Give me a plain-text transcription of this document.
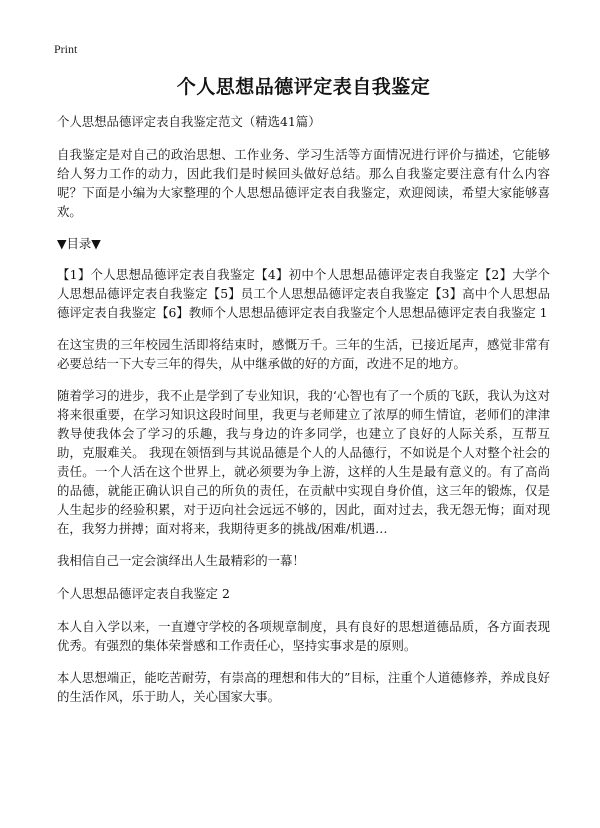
Print
个人思想品德评定表自我鉴定

个人思想品德评定表自我鉴定范文（精选41篇）

自我鉴定是对自己的政治思想、工作业务、学习生活等方面情况进行评价与描述，它能够给人努力工作的动力，因此我们是时候回头做好总结。那么自我鉴定要注意有什么内容呢？下面是小编为大家整理的个人思想品德评定表自我鉴定，欢迎阅读，希望大家能够喜欢。

▼目录▼

【1】个人思想品德评定表自我鉴定【4】初中个人思想品德评定表自我鉴定【2】大学个人思想品德评定表自我鉴定【5】员工个人思想品德评定表自我鉴定【3】高中个人思想品德评定表自我鉴定【6】教师个人思想品德评定表自我鉴定个人思想品德评定表自我鉴定 1

在这宝贵的三年校园生活即将结束时，感慨万千。三年的生活，已接近尾声，感觉非常有必要总结一下大专三年的得失，从中继承做的好的方面，改进不足的地方。

随着学习的进步，我不止是学到了专业知识，我的‘心智也有了一个质的飞跃，我认为这对将来很重要，在学习知识这段时间里，我更与老师建立了浓厚的师生情谊，老师们的津津教导使我体会了学习的乐趣，我与身边的许多同学，也建立了良好的人际关系，互帮互助，克服难关。 我现在领悟到与其说品德是个人的人品德行，不如说是个人对整个社会的责任。一个人活在这个世界上，就必须要为争上游，这样的人生是最有意义的。有了高尚的品德，就能正确认识自己的所负的责任，在贡献中实现自身价值，这三年的锻炼，仅是人生起步的经验积累，对于迈向社会远远不够的，因此，面对过去，我无怨无悔；面对现在，我努力拼搏；面对将来，我期待更多的挑战/困难/机遇…

我相信自己一定会演绎出人生最精彩的一幕！

个人思想品德评定表自我鉴定 2

本人自入学以来，一直遵守学校的各项规章制度，具有良好的思想道德品质，各方面表现优秀。有强烈的集体荣誉感和工作责任心，坚持实事求是的原则。

本人思想端正，能吃苦耐劳，有崇高的理想和伟大的”目标，注重个人道德修养，养成良好的生活作风，乐于助人，关心国家大事。
